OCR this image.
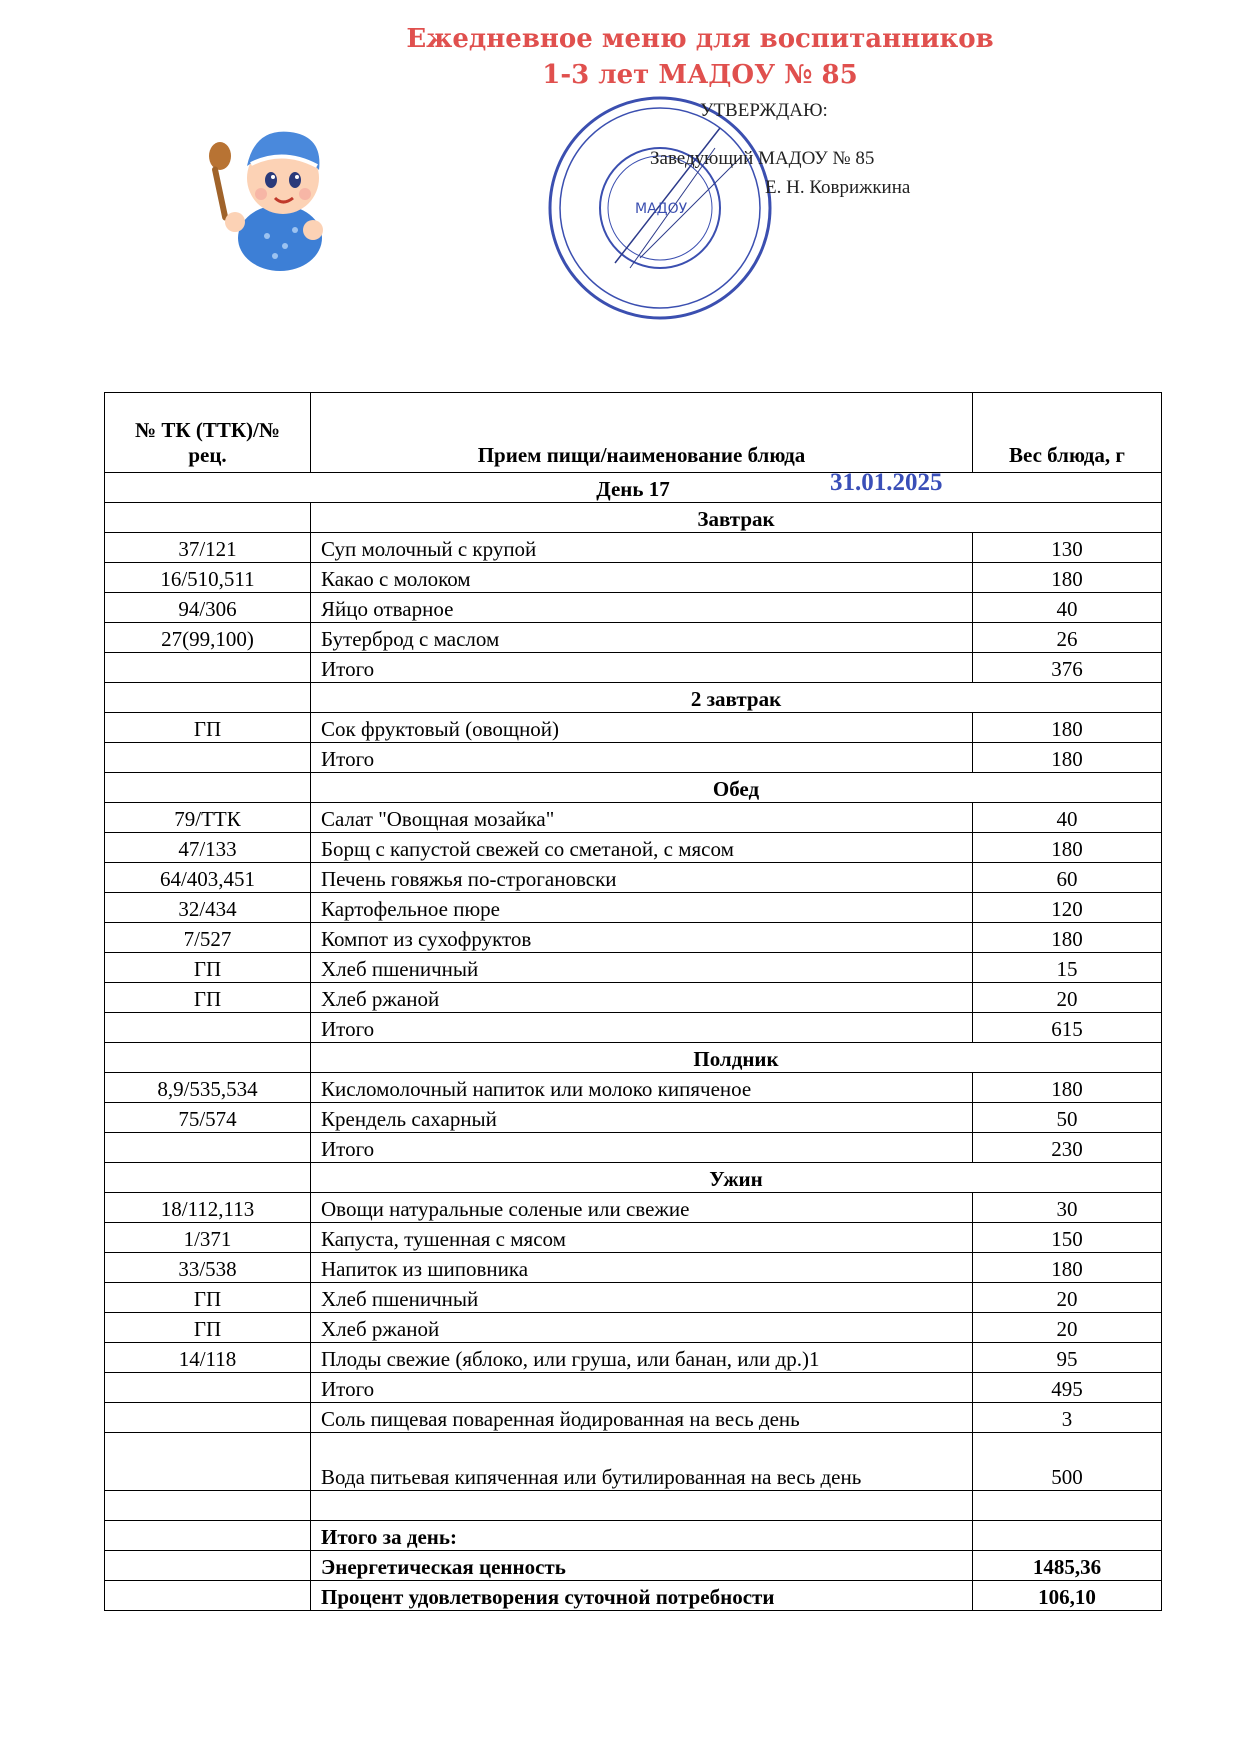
Ежедневное меню для воспитанников
1-3 лет МАДОУ № 85
МАДОУ
УТВЕРЖДАЮ:
Заведующий МАДОУ № 85
Е. Н. Коврижкина
№ ТК (ТТК)/№ рец.	Прием пищи/наименование блюда	Вес блюда, г
День 17 31.01.2025		

	Завтрак	
37/121	Суп молочный с крупой	130
16/510,511	Какао с молоком	180
94/306	Яйцо отварное	40
27(99,100)	Бутерброд с маслом	26
	Итого	376
	2 завтрак	
ГП	Сок фруктовый (овощной)	180
	Итого	180
	Обед	
79/ТТК	Салат "Овощная мозайка"	40
47/133	Борщ с капустой свежей со сметаной, с мясом	180
64/403,451	Печень говяжья по-строгановски	60
32/434	Картофельное пюре	120
7/527	Компот из сухофруктов	180
ГП	Хлеб пшеничный	15
ГП	Хлеб ржаной	20
	Итого	615
	Полдник	
8,9/535,534	Кисломолочный напиток или молоко кипяченое	180
75/574	Крендель сахарный	50
	Итого	230
	Ужин	
18/112,113	Овощи натуральные соленые или свежие	30
1/371	Капуста, тушенная с мясом	150
33/538	Напиток из шиповника	180
ГП	Хлеб пшеничный	20
ГП	Хлеб ржаной	20
14/118	Плоды свежие (яблоко, или груша, или банан, или др.)1	95
	Итого	495
	Соль пищевая поваренная йодированная на весь день	3
	Вода питьевая кипяченная или бутилированная на весь день	500

	Итого за день:	
	Энергетическая ценность	1485,36
	Процент удовлетворения суточной потребности	106,10
